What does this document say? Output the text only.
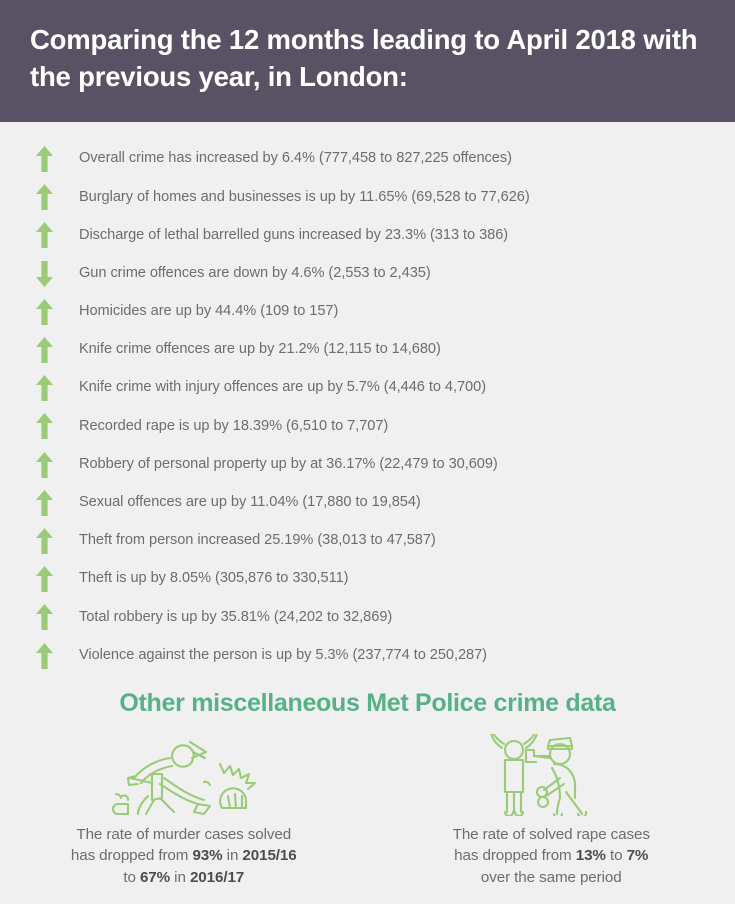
Comparing the 12 months leading to April 2018 with the previous year, in London:
Overall crime has increased by 6.4% (777,458 to 827,225 offences)
Burglary of homes and businesses is up by 11.65% (69,528 to 77,626)
Discharge of lethal barrelled guns increased by 23.3% (313 to 386)
Gun crime offences are down by 4.6% (2,553 to 2,435)
Homicides are up by 44.4% (109 to 157)
Knife crime offences are up by 21.2% (12,115 to 14,680)
Knife crime with injury offences are up by 5.7% (4,446 to 4,700)
Recorded rape is up by 18.39% (6,510 to 7,707)
Robbery of personal property up by at 36.17% (22,479 to 30,609)
Sexual offences are up by 11.04% (17,880 to 19,854)
Theft from person increased 25.19% (38,013 to 47,587)
Theft is up by 8.05% (305,876 to 330,511)
Total robbery is up by 35.81% (24,202 to 32,869)
Violence against the person is up by 5.3% (237,774 to 250,287)
Other miscellaneous Met Police crime data
The rate of murder cases solved
has dropped from 93% in 2015/16
to 67% in 2016/17
The rate of solved rape cases
has dropped from 13% to 7%
over the same period
